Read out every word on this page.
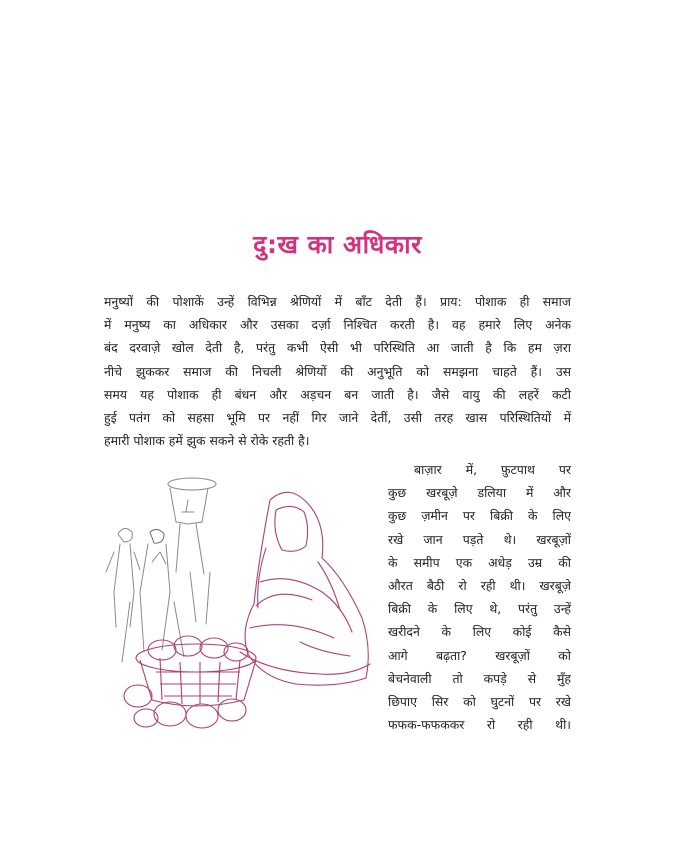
दु:ख का अधिकार
मनुष्यों की पोशाकें उन्हें विभिन्न श्रेणियों में बाँट देती हैं। प्राय: पोशाक ही समाज
में मनुष्य का अधिकार और उसका दर्ज़ा निश्चित करती है। वह हमारे लिए अनेक
बंद दरवाज़े खोल देती है, परंतु कभी ऐसी भी परिस्थिति आ जाती है कि हम ज़रा
नीचे झुककर समाज की निचली श्रेणियों की अनुभूति को समझना चाहते हैं। उस
समय यह पोशाक ही बंधन और अड़चन बन जाती है। जैसे वायु की लहरें कटी
हुई पतंग को सहसा भूमि पर नहीं गिर जाने देतीं, उसी तरह खास परिस्थितियों में
हमारी पोशाक हमें झुक सकने से रोके रहती है।
बाज़ार में, फ़ुटपाथ पर
कुछ खरबूज़े डलिया में और
कुछ ज़मीन पर बिक्री के लिए
रखे जान पड़ते थे। खरबूज़ों
के समीप एक अधेड़ उम्र की
औरत बैठी रो रही थी। खरबूज़े
बिक्री के लिए थे, परंतु उन्हें
खरीदने के लिए कोई कैसे
आगे बढ़ता? खरबूज़ों को
बेचनेवाली तो कपड़े से मुँह
छिपाए सिर को घुटनों पर रखे
फफक-फफककर रो रही थी।
